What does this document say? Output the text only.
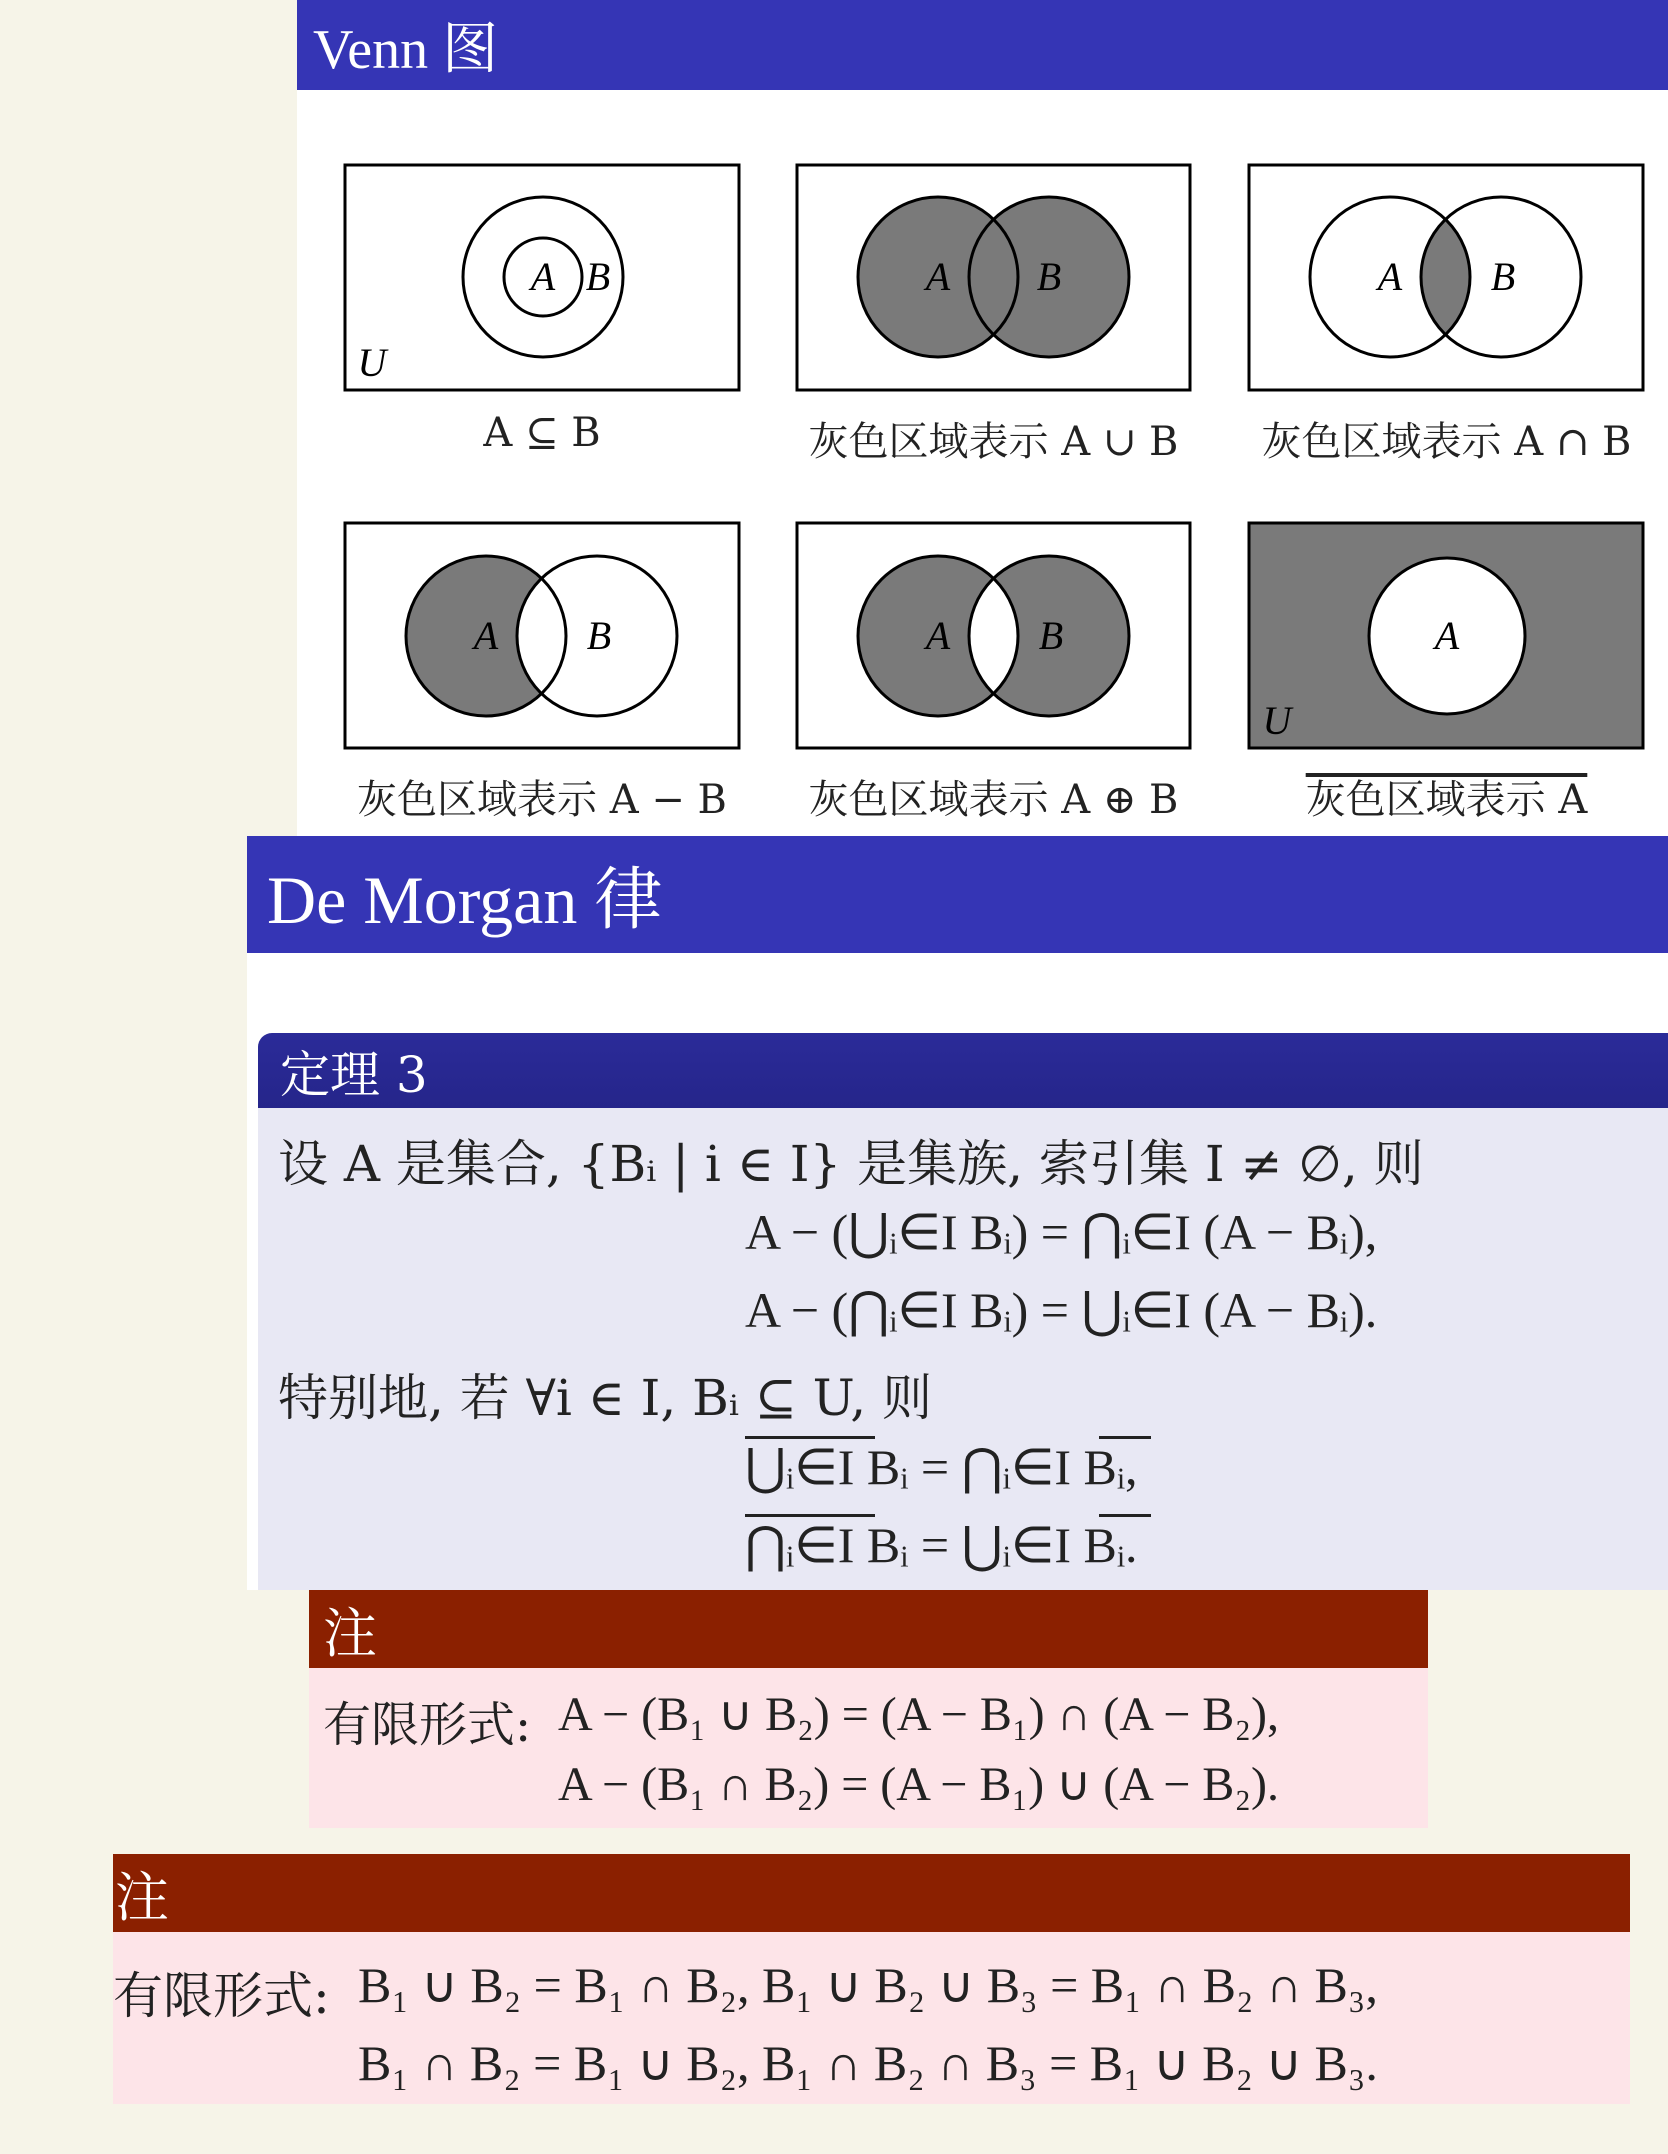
Venn 图
A B
U
A B	A B
A B	A B	A
U
A ⊆ B	灰色区域表示 A ∪ B	灰色区域表示 A ∩ B
灰色区域表示 A − B	灰色区域表示 A ⊕ B	灰色区域表示 A
De Morgan 律
定理 3
设 A 是集合, {Bᵢ | i ∈ I} 是集族, 索引集 I ≠ ∅, 则
A − (⋃ᵢ∈I Bᵢ) = ⋂ᵢ∈I (A − Bᵢ),
A − (⋂ᵢ∈I Bᵢ) = ⋃ᵢ∈I (A − Bᵢ).
特别地, 若 ∀i ∈ I, Bᵢ ⊆ U, 则
⋃ᵢ∈I Bᵢ = ⋂ᵢ∈I Bᵢ,
⋂ᵢ∈I Bᵢ = ⋃ᵢ∈I Bᵢ.
注
有限形式: A − (B₁ ∪ B₂) = (A − B₁) ∩ (A − B₂),
A − (B₁ ∩ B₂) = (A − B₁) ∪ (A − B₂).
注
有限形式: B₁ ∪ B₂ = B₁ ∩ B₂, B₁ ∪ B₂ ∪ B₃ = B₁ ∩ B₂ ∩ B₃,
B₁ ∩ B₂ = B₁ ∪ B₂, B₁ ∩ B₂ ∩ B₃ = B₁ ∪ B₂ ∪ B₃.
